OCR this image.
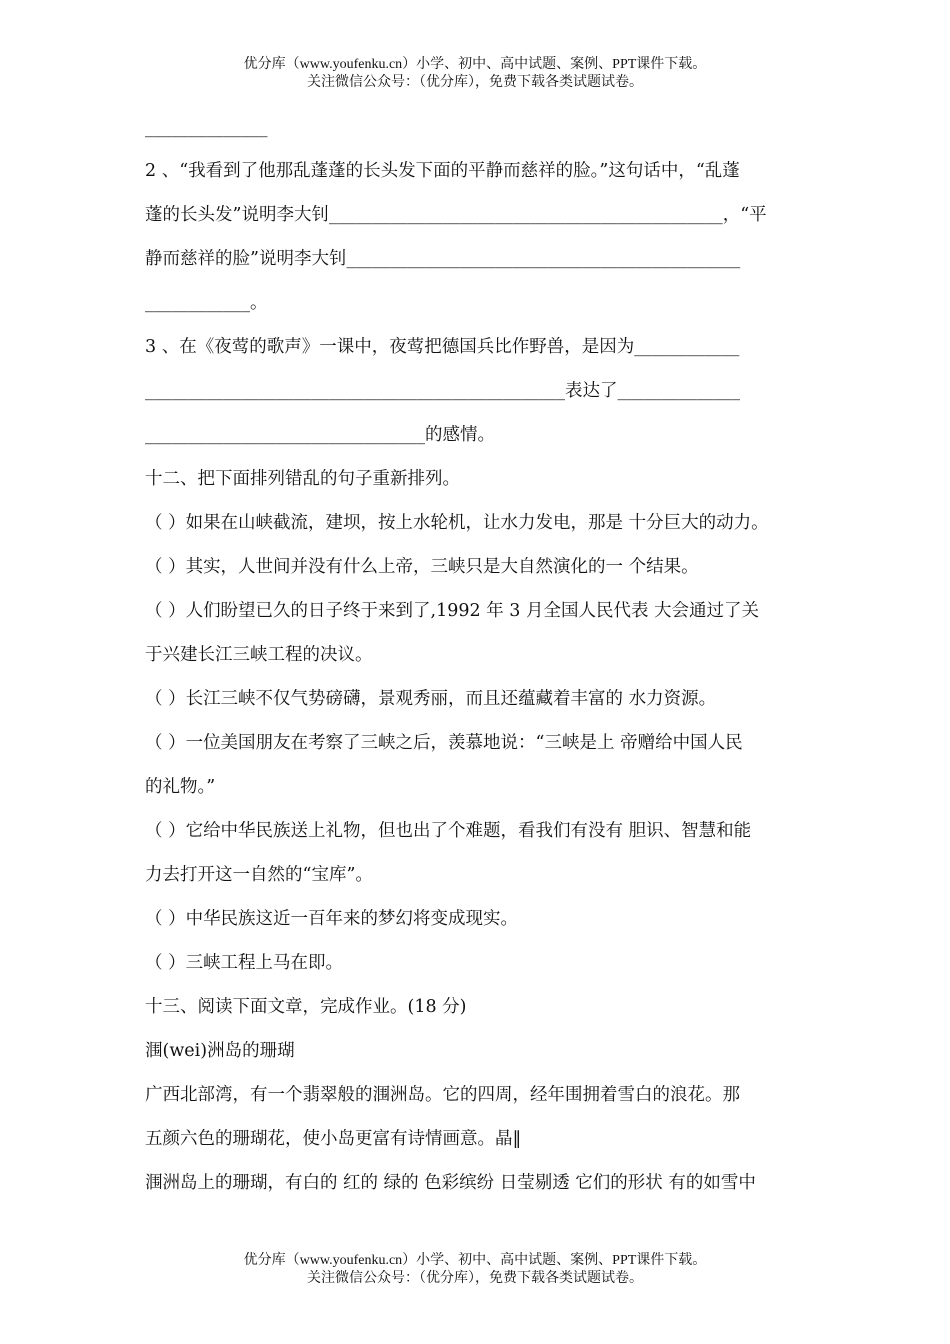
优分库（www.youfenku.cn）小学、初中、高中试题、案例、PPT课件下载。
关注微信公众号：（优分库），免费下载各类试题试卷。
______________
2 、“我看到了他那乱蓬蓬的长头发下面的平静而慈祥的脸。”这句话中，“乱蓬
蓬的长头发”说明李大钊_____________________________________________，“平
静而慈祥的脸”说明李大钊_____________________________________________
____________。
3 、在《夜莺的歌声》一课中，夜莺把德国兵比作野兽，是因为____________
________________________________________________表达了______________
________________________________的感情。
十二、把下面排列错乱的句子重新排列。
（ ）如果在山峡截流，建坝，按上水轮机，让水力发电，那是 十分巨大的动力。
（ ）其实，人世间并没有什么上帝，三峡只是大自然演化的一 个结果。
（ ）人们盼望已久的日子终于来到了,1992 年 3 月全国人民代表 大会通过了关
于兴建长江三峡工程的决议。
（ ）长江三峡不仅气势磅礴，景观秀丽，而且还蕴藏着丰富的 水力资源。
（ ）一位美国朋友在考察了三峡之后，羡慕地说：“三峡是上 帝赠给中国人民
的礼物。”
（ ）它给中华民族送上礼物，但也出了个难题，看我们有没有 胆识、智慧和能
力去打开这一自然的“宝库”。
（ ）中华民族这近一百年来的梦幻将变成现实。
（ ）三峡工程上马在即。
十三、阅读下面文章，完成作业。(18 分)
涠(wei)洲岛的珊瑚
广西北部湾，有一个翡翠般的涠洲岛。它的四周，经年围拥着雪白的浪花。那
五颜六色的珊瑚花，使小岛更富有诗情画意。晶‖
涠洲岛上的珊瑚，有白的 红的 绿的 色彩缤纷 日莹剔透 它们的形状 有的如雪中
优分库（www.youfenku.cn）小学、初中、高中试题、案例、PPT课件下载。
关注微信公众号：（优分库），免费下载各类试题试卷。
